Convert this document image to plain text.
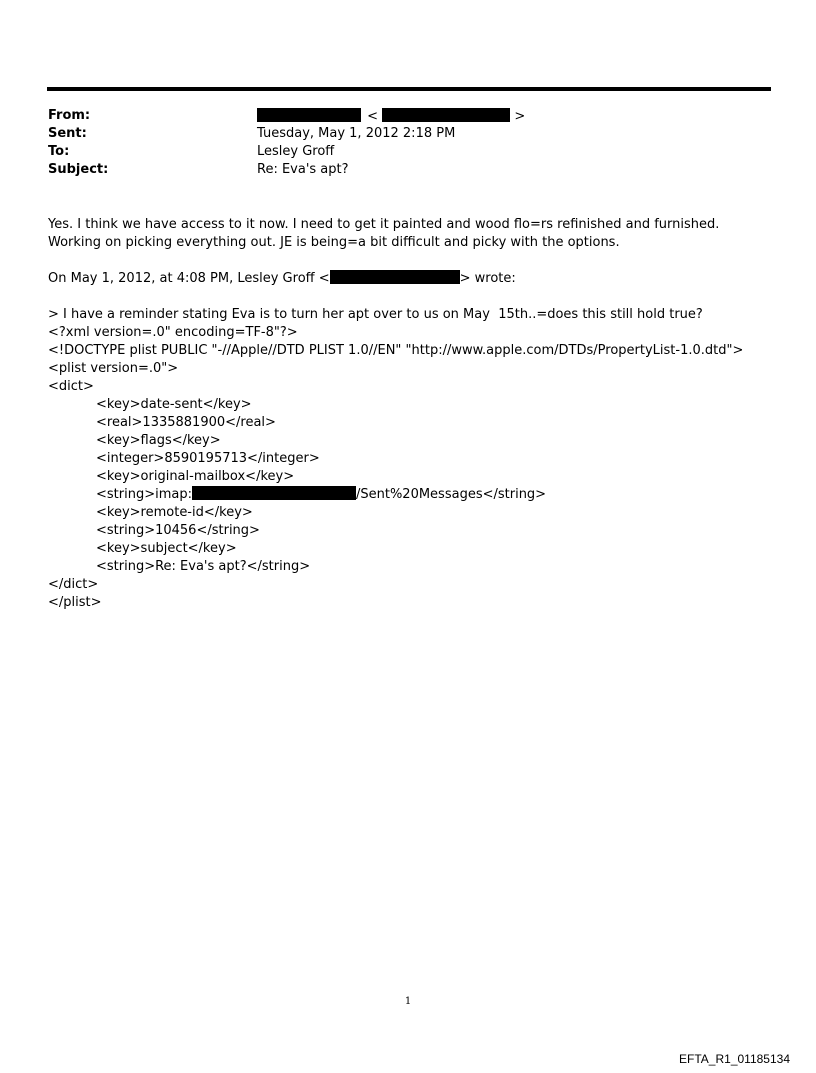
From:	<	>
Sent:	Tuesday, May 1, 2012 2:18 PM
To:	Lesley Groff
Subject:	Re: Eva's apt?
Yes. I think we have access to it now. I need to get it painted and wood flo=rs refinished and furnished. Working on picking everything out. JE is being=a bit difficult and picky with the options.
On May 1, 2012, at 4:08 PM, Lesley Groff <	> wrote:
> I have a reminder stating Eva is to turn her apt over to us on May  15th..=does this still hold true?
<?xml version=.0" encoding=TF-8"?>
<!DOCTYPE plist PUBLIC "-//Apple//DTD PLIST 1.0//EN" "http://www.apple.com/DTDs/PropertyList-1.0.dtd">
<plist version=.0">
<dict>
<key>date-sent</key>
<real>1335881900</real>
<key>flags</key>
<integer>8590195713</integer>
<key>original-mailbox</key>
<string>imap:	/Sent%20Messages</string>
<key>remote-id</key>
<string>10456</string>
<key>subject</key>
<string>Re: Eva's apt?</string>
</dict>
</plist>
1
EFTA_R1_01185134
